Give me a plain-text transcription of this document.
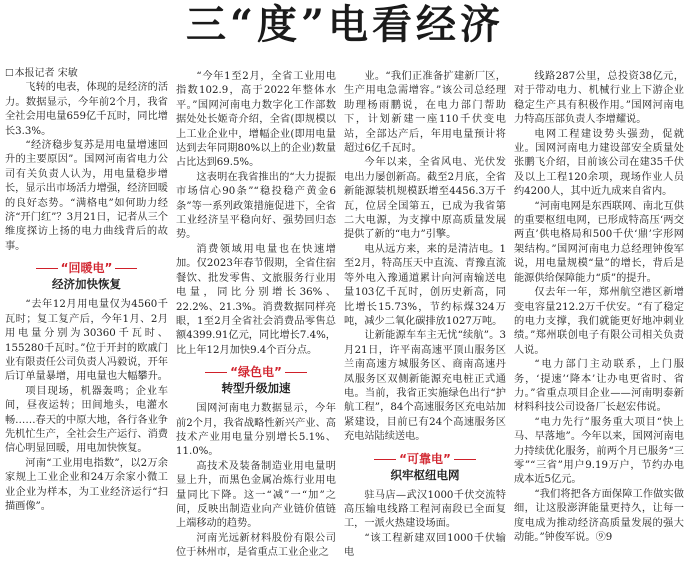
三“度”电看经济

□本报记者 宋敏

飞转的电表，体现的是经济的活力。数据显示，今年前2个月，我省全社会用电量659亿千瓦时，同比增长3.3%。

“经济稳步复苏是用电量增速回升的主要原因”。国网河南省电力公司有关负责人认为，用电量稳步增长，显示出市场活力增强，经济回暖的良好态势。“满格电”如何助力经济“开门红”？3月21日，记者从三个维度探访上扬的电力曲线背后的故事。

“回暖电”
经济加快恢复

“去年12月用电量仅为4560千瓦时；复工复产后，今年1月、2月用电量分别为30360千瓦时、155280千瓦时。”位于开封的欧戚门业有限责任公司负责人冯毅说，开年后订单量暴增，用电量也大幅攀升。

项目现场，机器轰鸣；企业车间，昼夜运转；田间地头，电灌水畅……春天的中原大地，各行各业争先机忙生产，全社会生产运行、消费信心明显回暖，用电加快恢复。

河南“工业用电指数”，以2万余家规上工业企业和24万余家小微工业企业为样本，为工业经济运行“扫描画像”。

“今年1至2月，全省工业用电指数102.9，高于2022年整体水平。”国网河南电力数字化工作部数据处处长姬奇介绍，全省(即规模以上工业企业中，增幅企业(即用电量达到去年同期80%以上的企业)数量占比达到69.5%。

这表明在我省推出的“大力提振市场信心90条”“稳投稳产黄金6条”等一系列政策措施促进下，全省工业经济呈平稳向好、强势回归态势。

消费领域用电量也在快速增加。仅2023年春节假期，全省住宿餐饮、批发零售、文旅服务行业用电量，同比分别增长36%、22.2%、21.3%。消费数据同样亮眼，1至2月全省社会消费品零售总额4399.91亿元，同比增长7.4%，比上年12月加快9.4个百分点。

“绿色电”
转型升级加速

国网河南电力数据显示，今年前2个月，我省战略性新兴产业、高技术产业用电量分别增长5.1%、11.0%。

高技术及装备制造业用电量明显上升，而黑色金属冶炼行业用电量同比下降。这一“减”一“加”之间，反映出制造业向产业链价值链上端移动的趋势。

河南光远新材料股份有限公司位于林州市，是省重点工业企业之

业。“我们正准备扩建新厂区，生产用电急需增容。”该公司总经理助理杨雨鹏说，在电力部门帮助下，计划新建一座110千伏变电站，全部达产后，年用电量预计将超过6亿千瓦时。

今年以来，全省风电、光伏发电出力屡创新高。截至2月底，全省新能源装机规模跃增至4456.3万千瓦，位居全国第五，已成为我省第二大电源，为支撑中原高质量发展提供了新的“电力”引擎。

电从远方来，来的是清洁电。1至2月，特高压天中直流、青豫直流等外电入豫通道累计向河南输送电量103亿千瓦时，创历史新高，同比增长15.73%，节约标煤324万吨，减少二氧化碳排放1027万吨。

让新能源车车主无忧“续航”。3月21日，许平南高速平顶山服务区兰南高速方城服务区、商南高速丹凤服务区双侧新能源充电桩正式通电。当前，我省正实施绿色出行“护航工程”，84个高速服务区充电站加紧建设，目前已有24个高速服务区充电站陆续送电。

“可靠电”
织牢枢纽电网

驻马店—武汉1000千伏交流特高压输电线路工程河南段已全面复工，一派火热建设场面。

“该工程新建双回1000千伏输电

线路287公里，总投资38亿元，对于带动电力、机械行业上下游企业稳定生产具有积极作用。”国网河南电力特高压部负责人李增耀说。

电网工程建设势头强劲，促就业。国网河南电力建设部安全质量处张鹏飞介绍，目前该公司在建35千伏及以上工程120余项，现场作业人员约4200人，其中近九成来自省内。

“河南电网是东西联网、南北互供的重要枢纽电网，已形成特高压‘两交两直’供电格局和500千伏‘鼎’字形网架结构。”国网河南电力总经理钟俊军说，用电量规模“量”的增长，背后是能源供给保障能力“质”的提升。

仅去年一年，郑州航空港区新增变电容量212.2万千伏安。“有了稳定的电力支撑，我们就能更好地冲刺业绩。”郑州联创电子有限公司相关负责人说。

“电力部门主动联系，上门服务，‘提速’‘降本’让办电更省时、省力。”省重点项目企业——河南明泰新材料科技公司设备厂长赵宏伟说。

“电力先行”服务重大项目“快上马、早落地”。今年以来，国网河南电力持续优化服务，前两个月已服务“三零”“三省”用户9.19万户，节约办电成本近5亿元。

“我们将把各方面保障工作做实做细，让这股澎湃能量更持久，让每一度电成为推动经济高质量发展的强大动能。”钟俊军说。⑨9
